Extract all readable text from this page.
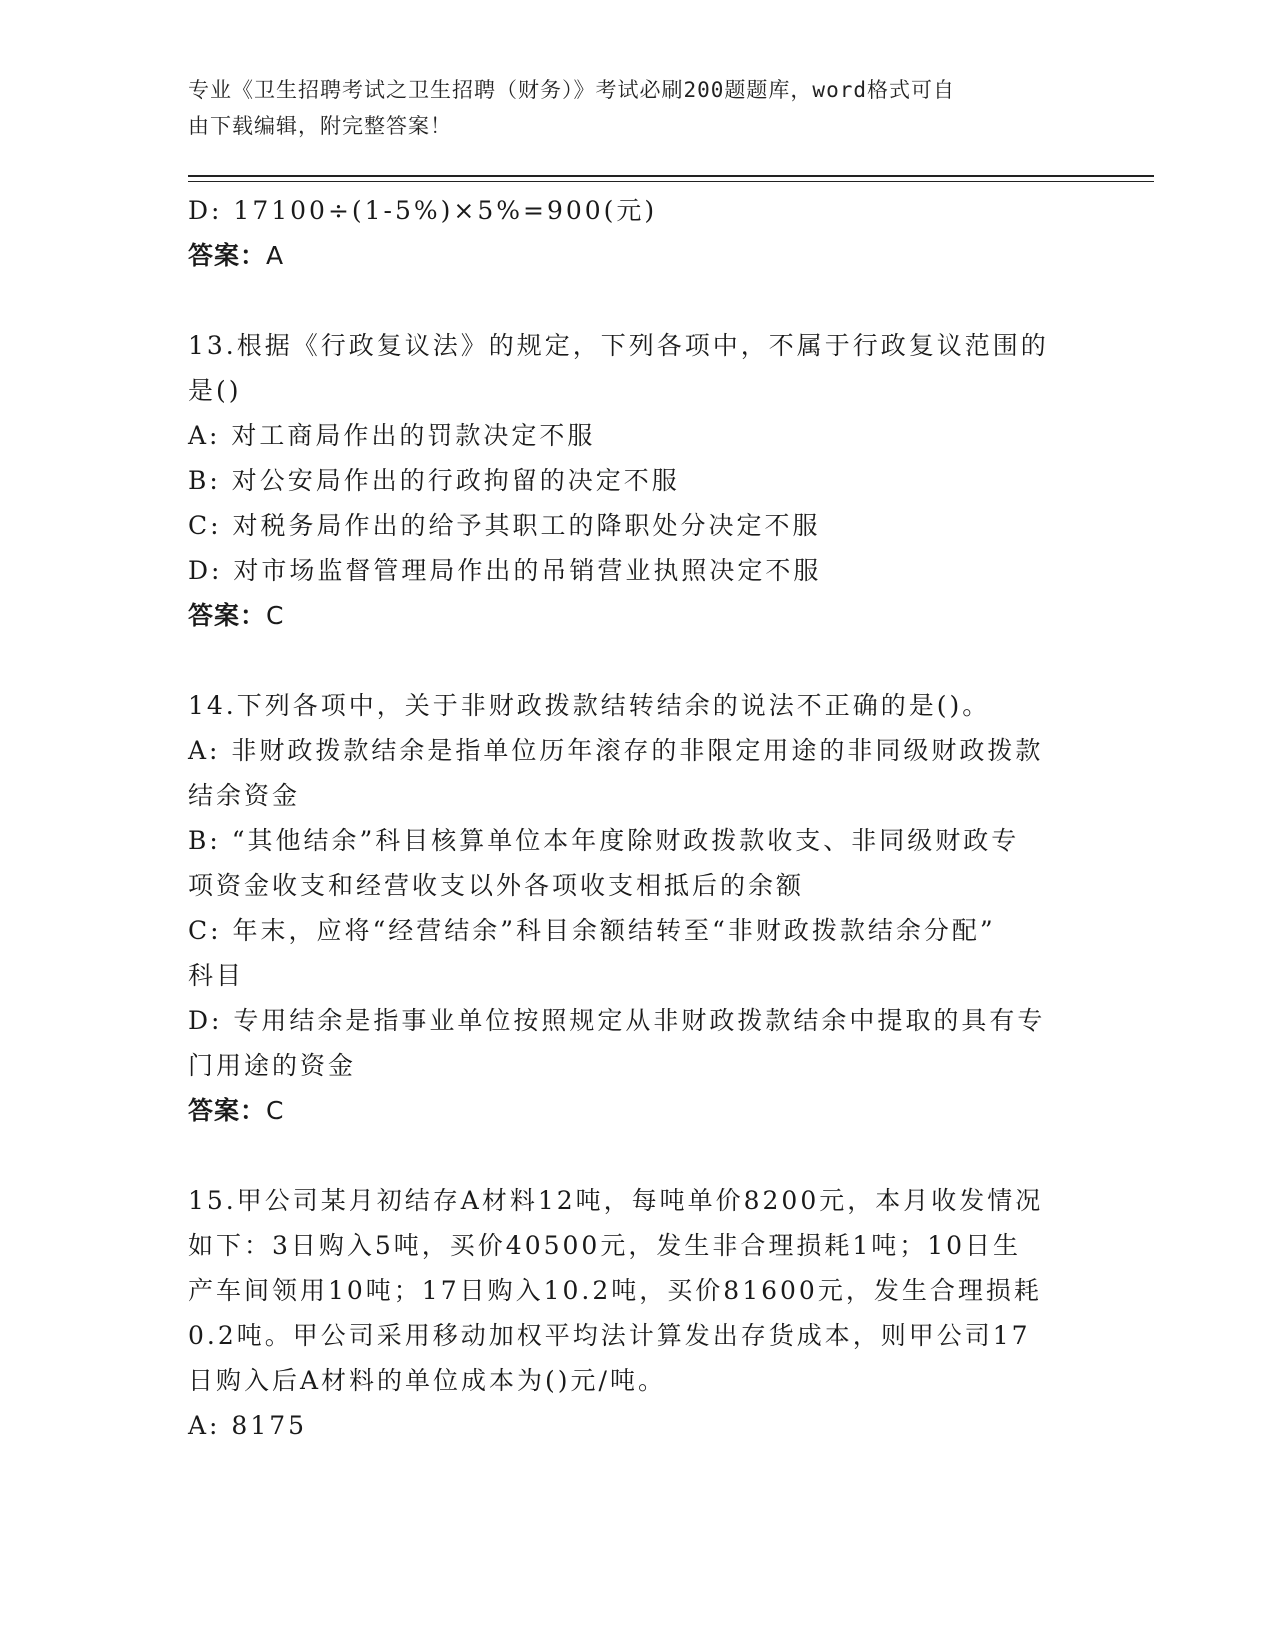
专业《卫生招聘考试之卫生招聘（财务）》考试必刷200题题库，word格式可自
由下载编辑，附完整答案！
D: 17100÷(1-5%)×5%=900(元)
答案：A
13.根据《行政复议法》的规定，下列各项中，不属于行政复议范围的
是()
A: 对工商局作出的罚款决定不服
B: 对公安局作出的行政拘留的决定不服
C: 对税务局作出的给予其职工的降职处分决定不服
D: 对市场监督管理局作出的吊销营业执照决定不服
答案：C
14.下列各项中，关于非财政拨款结转结余的说法不正确的是()。
A: 非财政拨款结余是指单位历年滚存的非限定用途的非同级财政拨款
结余资金
B: “其他结余”科目核算单位本年度除财政拨款收支、非同级财政专
项资金收支和经营收支以外各项收支相抵后的余额
C: 年末，应将“经营结余”科目余额结转至“非财政拨款结余分配”
科目
D: 专用结余是指事业单位按照规定从非财政拨款结余中提取的具有专
门用途的资金
答案：C
15.甲公司某月初结存A材料12吨，每吨单价8200元，本月收发情况
如下：3日购入5吨，买价40500元，发生非合理损耗1吨；10日生
产车间领用10吨；17日购入10.2吨，买价81600元，发生合理损耗
0.2吨。甲公司采用移动加权平均法计算发出存货成本，则甲公司17
日购入后A材料的单位成本为()元/吨。
A: 8175
